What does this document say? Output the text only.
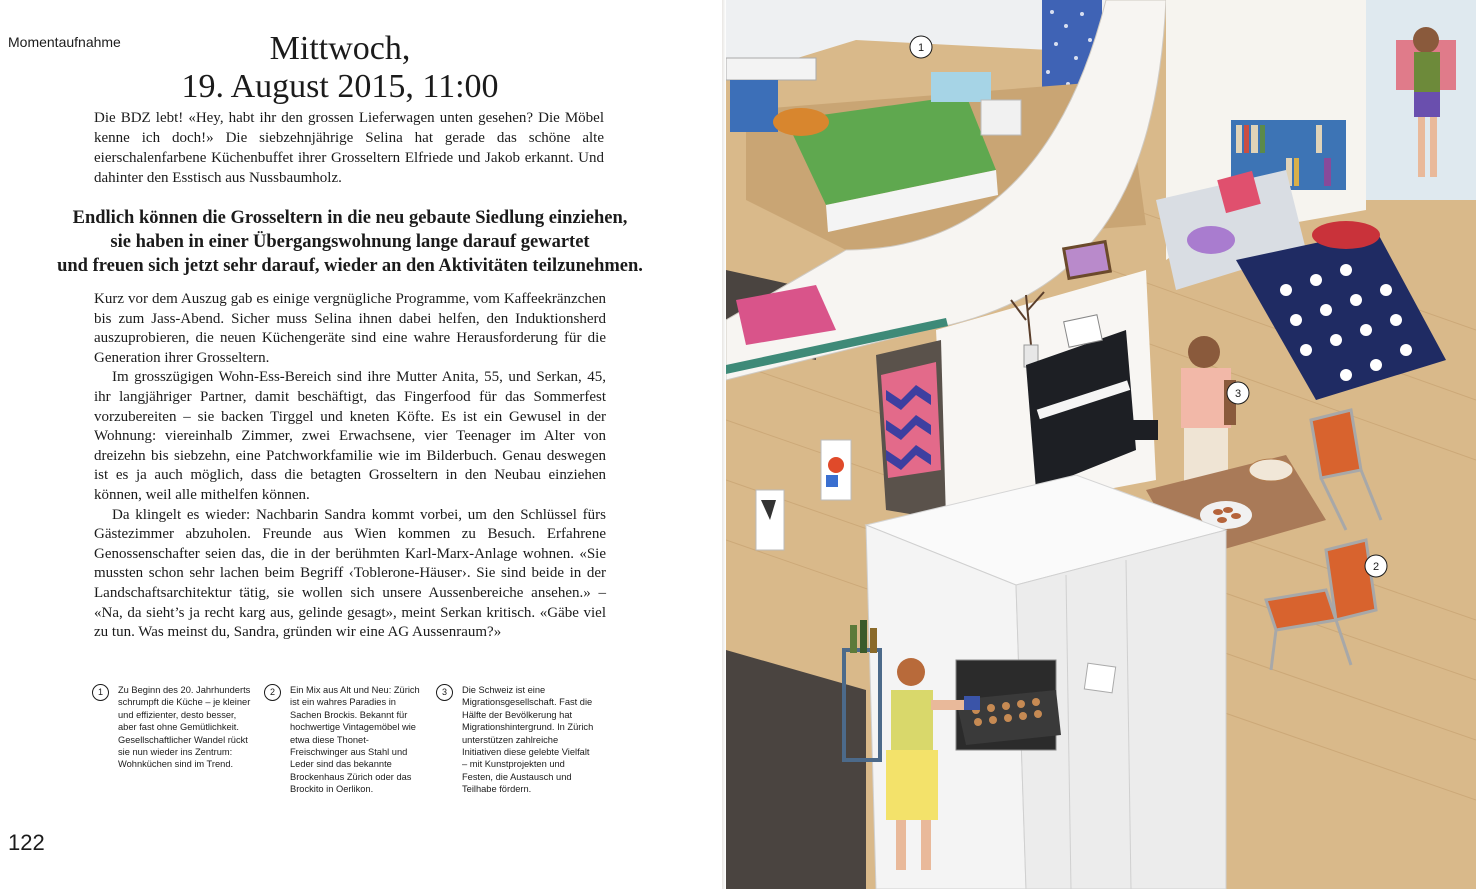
Momentaufnahme	Mittwoch,
19. August 2015, 11:00

Die BDZ lebt! «Hey, habt ihr den grossen Lieferwagen unten gesehen? Die Möbel kenne ich doch!» Die siebzehnjährige Selina hat gerade das schöne alte eierschalenfarbene Küchenbuffet ihrer Grosseltern Elfriede und Jakob erkannt. Und dahinter den Esstisch aus Nussbaumholz.

Endlich können die Grosseltern in die neu gebaute Siedlung einziehen,
sie haben in einer Übergangswohnung lange darauf gewartet
und freuen sich jetzt sehr darauf, wieder an den Aktivitäten teilzunehmen.

Kurz vor dem Auszug gab es einige vergnügliche Programme, vom Kaffeekränzchen bis zum Jass-Abend. Sicher muss Selina ihnen dabei helfen, den Induktionsherd auszuprobieren, die neuen Küchengeräte sind eine wahre Herausforderung für die Generation ihrer Grosseltern.

Im grosszügigen Wohn-Ess-Bereich sind ihre Mutter Anita, 55, und Serkan, 45, ihr langjähriger Partner, damit beschäftigt, das Fingerfood für das Sommerfest vorzubereiten – sie backen Tirggel und kneten Köfte. Es ist ein Gewusel in der Wohnung: viereinhalb Zimmer, zwei Erwachsene, vier Teenager im Alter von dreizehn bis siebzehn, eine Patchworkfamilie wie im Bilderbuch. Genau deswegen ist es ja auch möglich, dass die betagten Grosseltern in den Neubau einziehen können, weil alle mithelfen können.

Da klingelt es wieder: Nachbarin Sandra kommt vorbei, um den Schlüssel fürs Gästezimmer abzuholen. Freunde aus Wien kommen zu Besuch. Erfahrene Genossenschafter seien das, die in der berühmten Karl-Marx-Anlage wohnen. «Sie mussten schon sehr lachen beim Begriff ‹Toblerone-Häuser›. Sie sind beide in der Landschaftsarchitektur tätig, sie wollen sich unsere Aussenbereiche ansehen.» – «Na, da sieht’s ja recht karg aus, gelinde gesagt», meint Serkan kritisch. «Gäbe viel zu tun. Was meinst du, Sandra, gründen wir eine AG Aussenraum?»

1	Zu Beginn des 20. Jahrhunderts schrumpft die Küche – je kleiner und effizienter, desto besser, aber fast ohne Gemütlichkeit. Gesellschaftlicher Wandel rückt sie nun wieder ins Zentrum: Wohnküchen sind im Trend.
2	Ein Mix aus Alt und Neu: Zürich ist ein wahres Paradies in Sachen Brockis. Bekannt für hochwertige Vintagemöbel wie etwa diese Thonet-Freischwinger aus Stahl und Leder sind das bekannte Brockenhaus Zürich oder das Brockito in Oerlikon.
3	Die Schweiz ist eine Migrationsgesellschaft. Fast die Hälfte der Bevölkerung hat Migrationshintergrund. In Zürich unterstützen zahlreiche Initiativen diese gelebte Vielfalt – mit Kunstprojekten und Festen, die Austausch und Teilhabe fördern.
122
1
2
3
